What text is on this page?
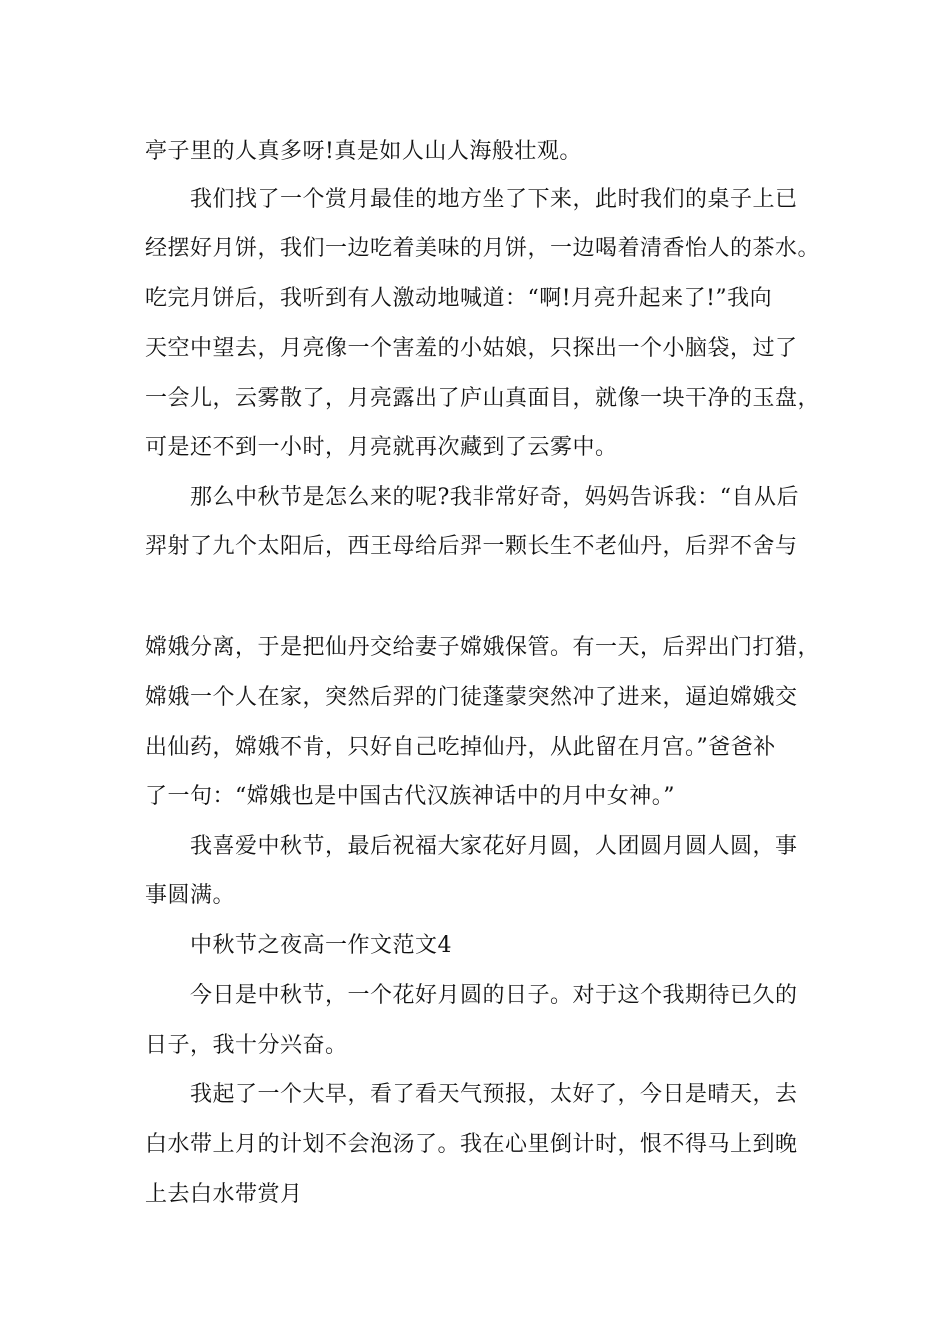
亭子里的人真多呀!真是如人山人海般壮观。
我们找了一个赏月最佳的地方坐了下来，此时我们的桌子上已
经摆好月饼，我们一边吃着美味的月饼，一边喝着清香怡人的茶水。
吃完月饼后，我听到有人激动地喊道：“啊!月亮升起来了!”我向
天空中望去，月亮像一个害羞的小姑娘，只探出一个小脑袋，过了
一会儿，云雾散了，月亮露出了庐山真面目，就像一块干净的玉盘，
可是还不到一小时，月亮就再次藏到了云雾中。
那么中秋节是怎么来的呢?我非常好奇，妈妈告诉我：“自从后
羿射了九个太阳后，西王母给后羿一颗长生不老仙丹，后羿不舍与
嫦娥分离，于是把仙丹交给妻子嫦娥保管。有一天，后羿出门打猎，
嫦娥一个人在家，突然后羿的门徒蓬蒙突然冲了进来，逼迫嫦娥交
出仙药，嫦娥不肯，只好自己吃掉仙丹，从此留在月宫。”爸爸补
了一句：“嫦娥也是中国古代汉族神话中的月中女神。”
我喜爱中秋节，最后祝福大家花好月圆，人团圆月圆人圆，事
事圆满。
中秋节之夜高一作文范文4
今日是中秋节，一个花好月圆的日子。对于这个我期待已久的
日子，我十分兴奋。
我起了一个大早，看了看天气预报，太好了，今日是晴天，去
白水带上月的计划不会泡汤了。我在心里倒计时，恨不得马上到晚
上去白水带赏月
